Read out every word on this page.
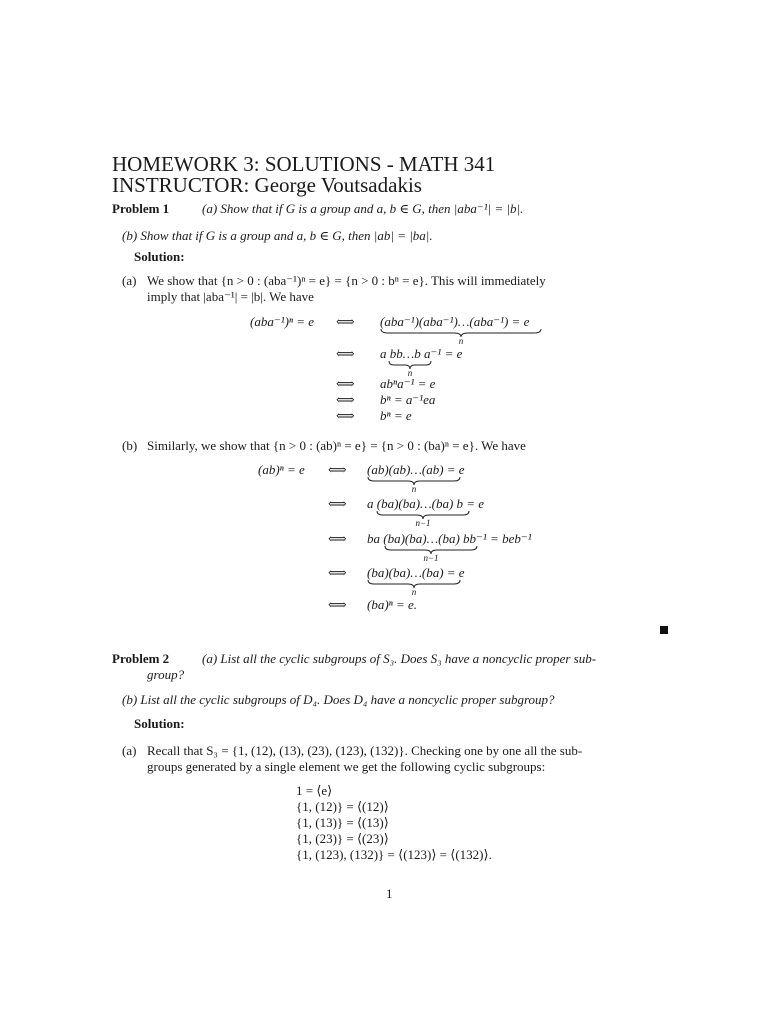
HOMEWORK 3: SOLUTIONS - MATH 341
INSTRUCTOR: George Voutsadakis
Problem 1	(a) Show that if G is a group and a, b ∈ G, then |aba⁻¹| = |b|.
(b) Show that if G is a group and a, b ∈ G, then |ab| = |ba|.
Solution:
(a) We show that {n > 0 : (aba⁻¹)ⁿ = e} = {n > 0 : bⁿ = e}. This will immediately
imply that |aba⁻¹| = |b|. We have
(aba⁻¹)ⁿ = e ⟺ (aba⁻¹)(aba⁻¹)…(aba⁻¹) = e
n
⟺ a bb…b a⁻¹ = e
n
⟺ abⁿa⁻¹ = e
⟺ bⁿ = a⁻¹ea
⟺ bⁿ = e
(b) Similarly, we show that {n > 0 : (ab)ⁿ = e} = {n > 0 : (ba)ⁿ = e}. We have
(ab)ⁿ = e ⟺ (ab)(ab)…(ab) = e
n
⟺ a (ba)(ba)…(ba) b = e
n−1
⟺ ba (ba)(ba)…(ba) bb⁻¹ = beb⁻¹
n−1
⟺ (ba)(ba)…(ba) = e
n
⟺ (ba)ⁿ = e.
Problem 2	(a) List all the cyclic subgroups of S₃. Does S₃ have a noncyclic proper sub-
group?
(b) List all the cyclic subgroups of D₄. Does D₄ have a noncyclic proper subgroup?
Solution:
(a) Recall that S₃ = {1, (12), (13), (23), (123), (132)}. Checking one by one all the sub-
groups generated by a single element we get the following cyclic subgroups:
1 = ⟨e⟩
{1, (12)} = ⟨(12)⟩
{1, (13)} = ⟨(13)⟩
{1, (23)} = ⟨(23)⟩
{1, (123), (132)} = ⟨(123)⟩ = ⟨(132)⟩.
1
